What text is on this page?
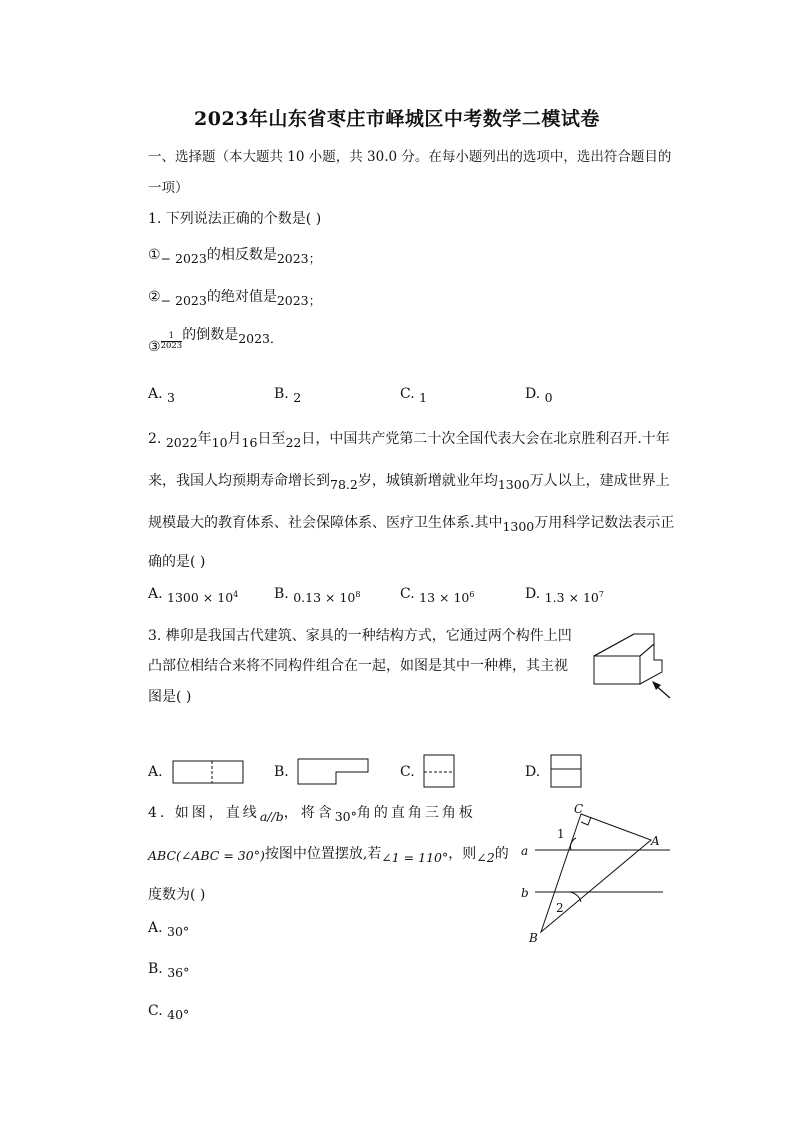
2023年山东省枣庄市峄城区中考数学二模试卷
一、选择题（本大题共 10 小题，共 30.0 分。在每小题列出的选项中，选出符合题目的
一项）
1. 下列说法正确的个数是( )
①− 2023的相反数是2023；
②− 2023的绝对值是2023；
③ $\frac{1}{2023}$ 的倒数是2023．
A. 3	B. 2	C. 1	D. 0
2. 2022年10月16日至22日，中国共产党第二十次全国代表大会在北京胜利召开.十年
来，我国人均预期寿命增长到78.2岁，城镇新增就业年均1300万人以上，建成世界上
规模最大的教育体系、社会保障体系、医疗卫生体系.其中1300万用科学记数法表示正
确的是( )
A. $1300 \times 10^4$	B. $0.13 \times 10^8$	C. $13 \times 10^6$	D. $1.3 \times 10^7$
3. 榫卯是我国古代建筑、家具的一种结构方式，它通过两个构件上凹
凸部位相结合来将不同构件组合在一起，如图是其中一种榫，其主视
图是( )
A.	B.	C.	D.
4. 如图，直线a//b，将含30°角的直角三角板
ABC(∠ABC = 30°)按图中位置摆放,若∠1 = 110°，则∠2的
度数为( )
A. 30°
B. 36°
C. 40°
C
A
B
a
b
1
2
